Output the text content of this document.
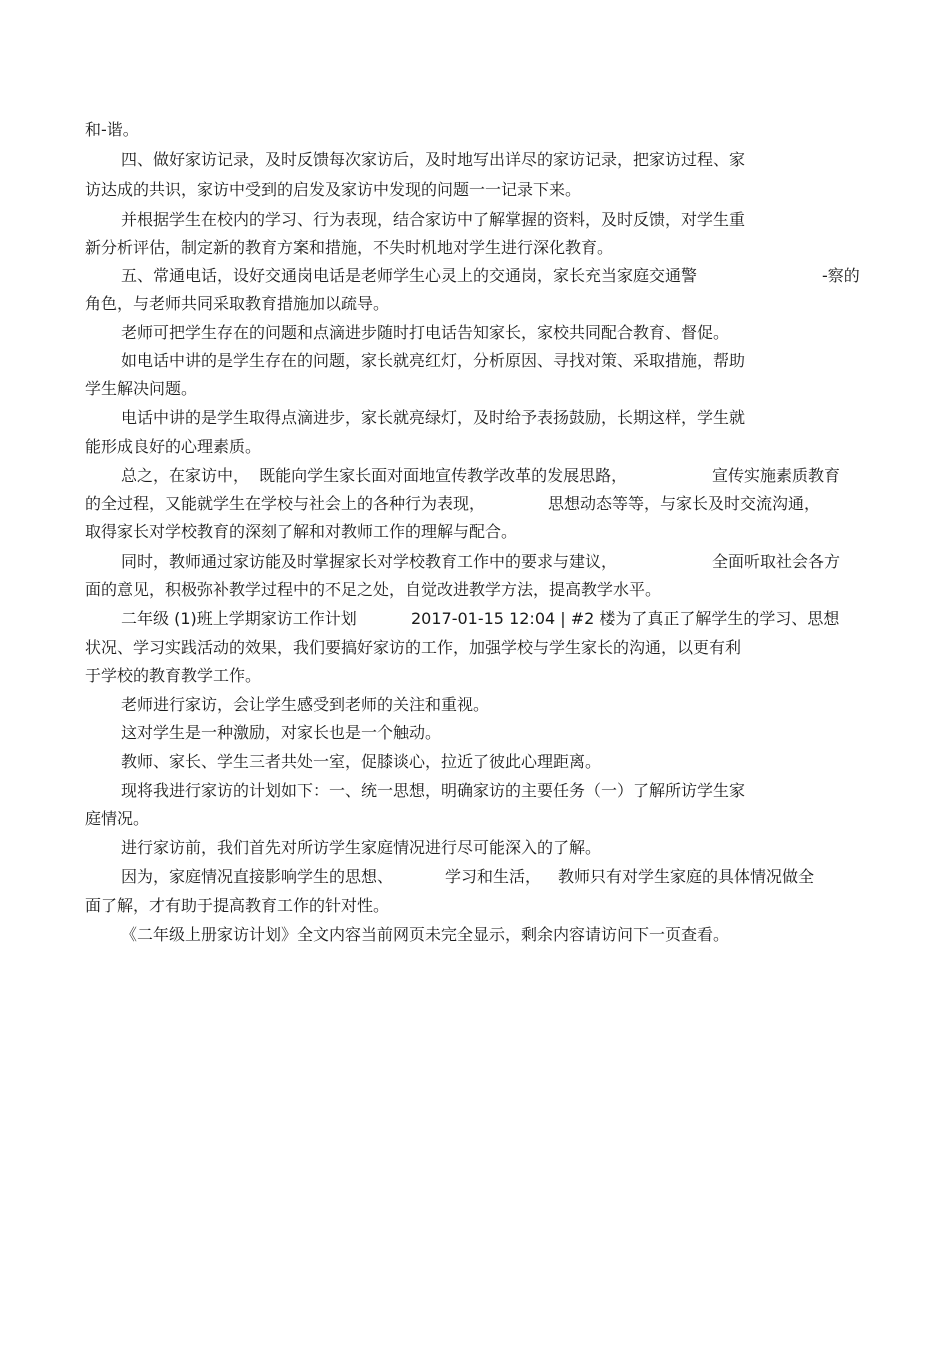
和-谐。
四、做好家访记录，及时反馈每次家访后，及时地写出详尽的家访记录，把家访过程、家
访达成的共识，家访中受到的启发及家访中发现的问题一一记录下来。
并根据学生在校内的学习、行为表现，结合家访中了解掌握的资料，及时反馈，对学生重
新分析评估，制定新的教育方案和措施，不失时机地对学生进行深化教育。
五、常通电话，设好交通岗电话是老师学生心灵上的交通岗，家长充当家庭交通警	-察的
角色，与老师共同采取教育措施加以疏导。
老师可把学生存在的问题和点滴进步随时打电话告知家长，家校共同配合教育、督促。
如电话中讲的是学生存在的问题，家长就亮红灯，分析原因、寻找对策、采取措施，帮助
学生解决问题。
电话中讲的是学生取得点滴进步，家长就亮绿灯，及时给予表扬鼓励，长期这样，学生就
能形成良好的心理素质。
总之，在家访中，  既能向学生家长面对面地宣传教学改革的发展思路，	宣传实施素质教育
的全过程，又能就学生在学校与社会上的各种行为表现，	思想动态等等，与家长及时交流沟通，
取得家长对学校教育的深刻了解和对教师工作的理解与配合。
同时，教师通过家访能及时掌握家长对学校教育工作中的要求与建议，	全面听取社会各方
面的意见，积极弥补教学过程中的不足之处，自觉改进教学方法，提高教学水平。
二年级 (1)班上学期家访工作计划	2017-01-15 12:04 | #2 楼为了真正了解学生的学习、思想
状况、学习实践活动的效果，我们要搞好家访的工作，加强学校与学生家长的沟通，以更有利
于学校的教育教学工作。
老师进行家访，会让学生感受到老师的关注和重视。
这对学生是一种激励，对家长也是一个触动。
教师、家长、学生三者共处一室，促膝谈心，拉近了彼此心理距离。
现将我进行家访的计划如下：一、统一思想，明确家访的主要任务（一）了解所访学生家
庭情况。
进行家访前，我们首先对所访学生家庭情况进行尽可能深入的了解。
因为，家庭情况直接影响学生的思想、	学习和生活， 教师只有对学生家庭的具体情况做全
面了解，才有助于提高教育工作的针对性。
《二年级上册家访计划》全文内容当前网页未完全显示，剩余内容请访问下一页查看。
